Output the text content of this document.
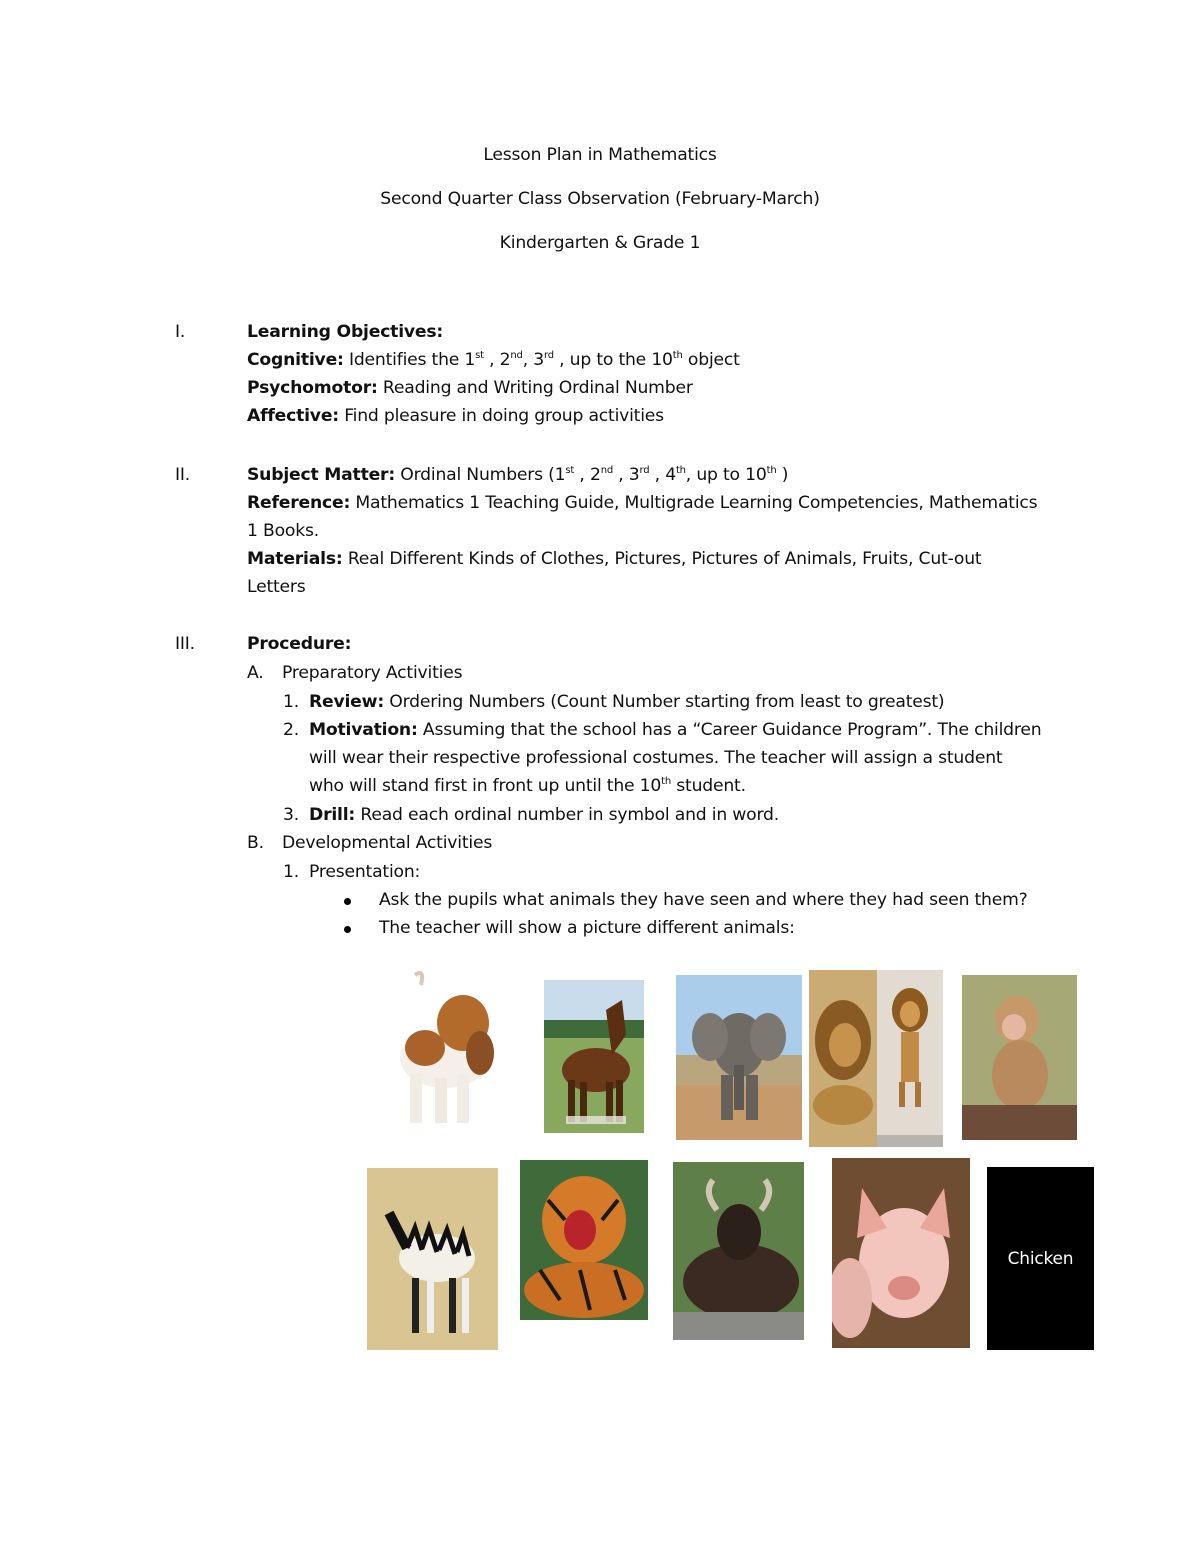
Lesson Plan in Mathematics
Second Quarter Class Observation (February-March)
Kindergarten & Grade 1
I.	Learning Objectives:
Cognitive: Identifies the 1st , 2nd, 3rd , up to the 10th object
Psychomotor: Reading and Writing Ordinal Number
Affective: Find pleasure in doing group activities
II.	Subject Matter: Ordinal Numbers (1st , 2nd , 3rd , 4th, up to 10th )
Reference: Mathematics 1 Teaching Guide, Multigrade Learning Competencies, Mathematics
1 Books.
Materials: Real Different Kinds of Clothes, Pictures, Pictures of Animals, Fruits, Cut-out
Letters
III.	Procedure:
A. Preparatory Activities
1. Review: Ordering Numbers (Count Number starting from least to greatest)
2. Motivation: Assuming that the school has a “Career Guidance Program”. The children
will wear their respective professional costumes. The teacher will assign a student
who will stand first in front up until the 10th student.
3. Drill: Read each ordinal number in symbol and in word.
B. Developmental Activities
1. Presentation:
Ask the pupils what animals they have seen and where they had seen them?
The teacher will show a picture different animals:
Chicken
